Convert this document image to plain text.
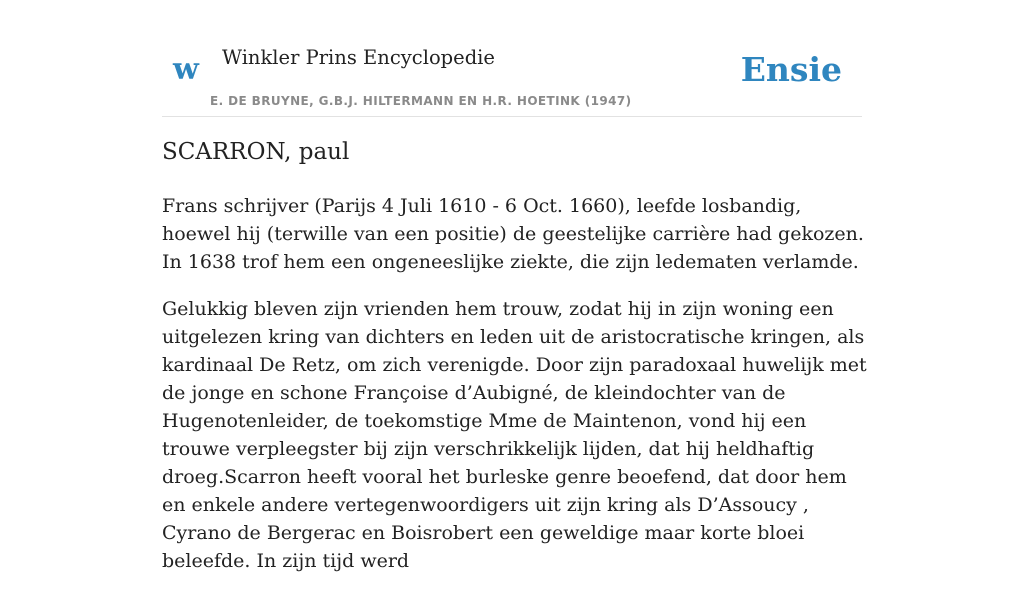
w Winkler Prins Encyclopedie
E. DE BRUYNE, G.B.J. HILTERMANN EN H.R. HOETINK (1947)
Ensie
SCARRON, paul

Frans schrijver (Parijs 4 Juli 1610 - 6 Oct. 1660), leefde losbandig, hoewel hij (terwille van een positie) de geestelijke carrière had gekozen. In 1638 trof hem een ongeneeslijke ziekte, die zijn ledematen verlamde.

Gelukkig bleven zijn vrienden hem trouw, zodat hij in zijn woning een uitgelezen kring van dichters en leden uit de aristocratische kringen, als kardinaal De Retz, om zich verenigde. Door zijn paradoxaal huwelijk met de jonge en schone Françoise d’Aubigné, de kleindochter van de Hugenotenleider, de toekomstige Mme de Maintenon, vond hij een trouwe verpleegster bij zijn verschrikkelijk lijden, dat hij heldhaftig droeg.Scarron heeft vooral het burleske genre beoefend, dat door hem en enkele andere vertegenwoordigers uit zijn kring als D’Assoucy , Cyrano de Bergerac en Boisrobert een geweldige maar korte bloei beleefde. In zijn tijd werd
